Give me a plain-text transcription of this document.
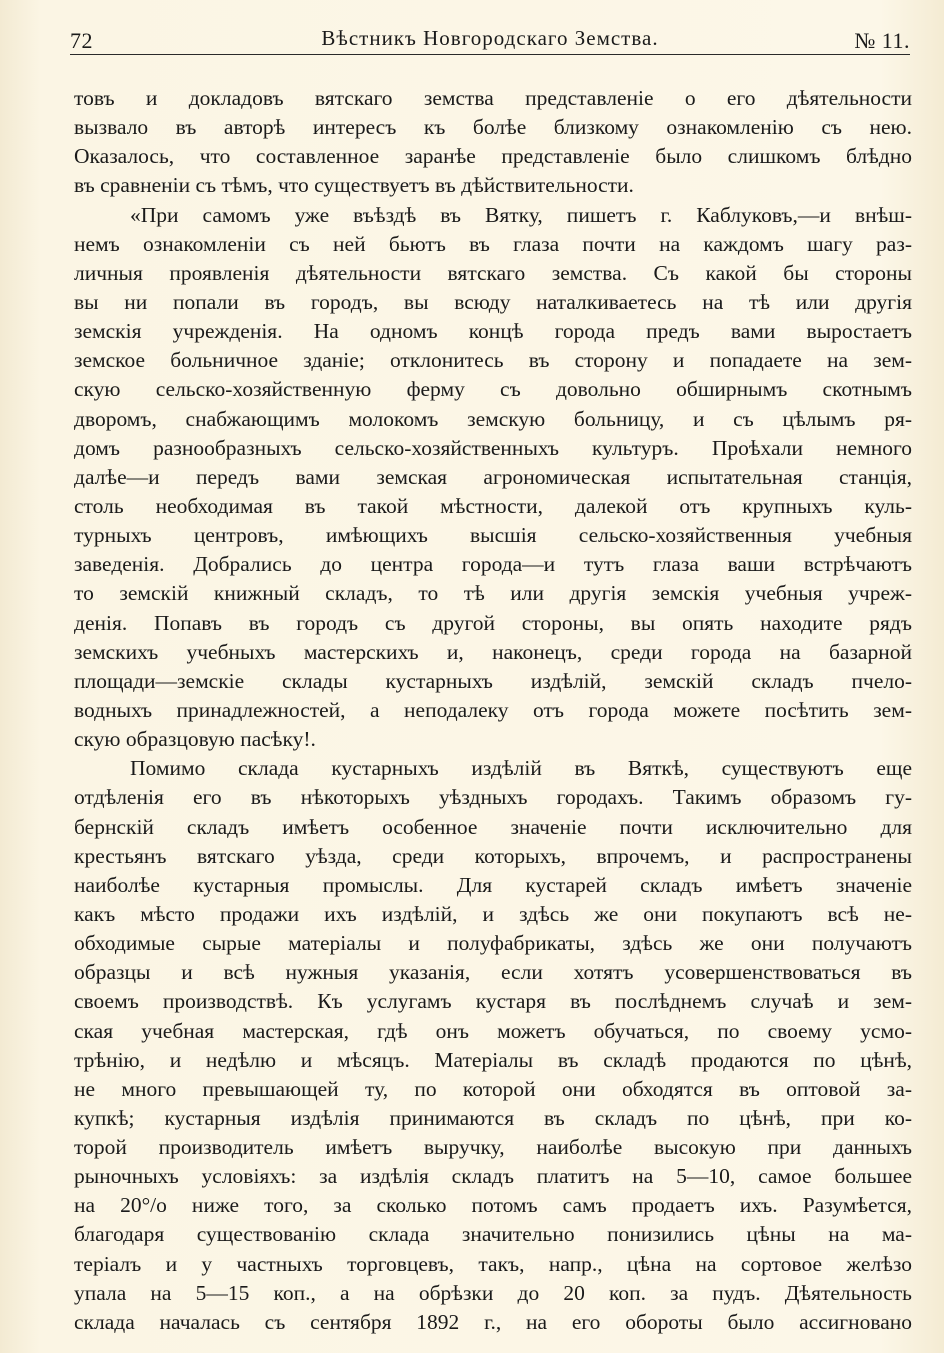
72	Вѣстникъ Новгородскаго Земства.	№ 11.
товъ и докладовъ вятскаго земства представленіе о его дѣятельности
вызвало въ авторѣ интересъ къ болѣе близкому ознакомленію съ нею.
Оказалось, что составленное заранѣе представленіе было слишкомъ блѣдно
въ сравненіи съ тѣмъ, что существуетъ въ дѣйствительности.
«При самомъ уже въѣздѣ въ Вятку, пишетъ г. Каблуковъ,—и внѣш-
немъ ознакомленіи съ ней бьютъ въ глаза почти на каждомъ шагу раз-
личныя проявленія дѣятельности вятскаго земства. Съ какой бы стороны
вы ни попали въ городъ, вы всюду наталкиваетесь на тѣ или другія
земскія учрежденія. На одномъ концѣ города предъ вами выростаетъ
земское больничное зданіе; отклонитесь въ сторону и попадаете на зем-
скую сельско-хозяйственную ферму съ довольно обширнымъ скотнымъ
дворомъ, снабжающимъ молокомъ земскую больницу, и съ цѣлымъ ря-
домъ разнообразныхъ сельско-хозяйственныхъ культуръ. Проѣхали немного
далѣе—и передъ вами земская агрономическая испытательная станція,
столь необходимая въ такой мѣстности, далекой отъ крупныхъ куль-
турныхъ центровъ, имѣющихъ высшія сельско-хозяйственныя учебныя
заведенія. Добрались до центра города—и тутъ глаза ваши встрѣчаютъ
то земскій книжный складъ, то тѣ или другія земскія учебныя учреж-
денія. Попавъ въ городъ съ другой стороны, вы опять находите рядъ
земскихъ учебныхъ мастерскихъ и, наконецъ, среди города на базарной
площади—земскіе склады кустарныхъ издѣлій, земскій складъ пчело-
водныхъ принадлежностей, а неподалеку отъ города можете посѣтить зем-
скую образцовую пасѣку!.
Помимо склада кустарныхъ издѣлій въ Вяткѣ, существуютъ еще
отдѣленія его въ нѣкоторыхъ уѣздныхъ городахъ. Такимъ образомъ гу-
бернскій складъ имѣетъ особенное значеніе почти исключительно для
крестьянъ вятскаго уѣзда, среди которыхъ, впрочемъ, и распространены
наиболѣе кустарныя промыслы. Для кустарей складъ имѣетъ значеніе
какъ мѣсто продажи ихъ издѣлій, и здѣсь же они покупаютъ всѣ не-
обходимые сырые матеріалы и полуфабрикаты, здѣсь же они получаютъ
образцы и всѣ нужныя указанія, если хотятъ усовершенствоваться въ
своемъ производствѣ. Къ услугамъ кустаря въ послѣднемъ случаѣ и зем-
ская учебная мастерская, гдѣ онъ можетъ обучаться, по своему усмо-
трѣнію, и недѣлю и мѣсяцъ. Матеріалы въ складѣ продаются по цѣнѣ,
не много превышающей ту, по которой они обходятся въ оптовой за-
купкѣ; кустарныя издѣлія принимаются въ складъ по цѣнѣ, при ко-
торой производитель имѣетъ выручку, наиболѣе высокую при данныхъ
рыночныхъ условіяхъ: за издѣлія складъ платитъ на 5—10, самое большее
на 20°/о ниже того, за сколько потомъ самъ продаетъ ихъ. Разумѣется,
благодаря существованію склада значительно понизились цѣны на ма-
теріалъ и у частныхъ торговцевъ, такъ, напр., цѣна на сортовое желѣзо
упала на 5—15 коп., а на обрѣзки до 20 коп. за пудъ. Дѣятельность
склада началась съ сентября 1892 г., на его обороты было ассигновано
